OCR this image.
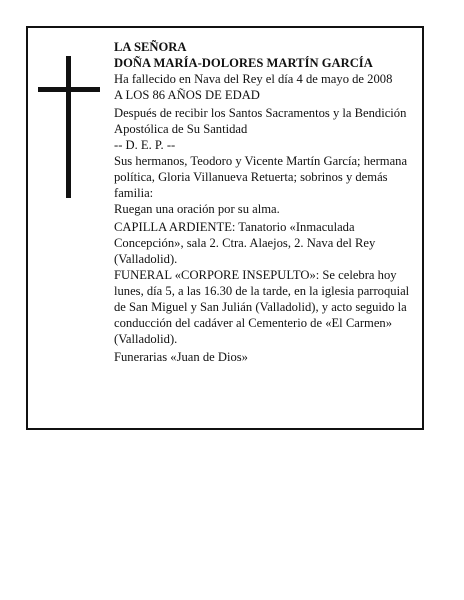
LA SEÑORA

DOÑA MARÍA-DOLORES MARTÍN GARCÍA

Ha fallecido en Nava del Rey el día 4 de mayo de 2008

A LOS 86 AÑOS DE EDAD

Después de recibir los Santos Sacramentos y la Bendición Apostólica de Su Santidad

-- D. E. P. --

Sus hermanos, Teodoro y Vicente Martín García; hermana política, Gloria Villanueva Retuerta; sobrinos y demás familia:

Ruegan una oración por su alma.

CAPILLA ARDIENTE: Tanatorio «Inmaculada Concepción», sala 2. Ctra. Alaejos, 2. Nava del Rey (Valladolid).

FUNERAL «CORPORE INSEPULTO»: Se celebra hoy lunes, día 5, a las 16.30 de la tarde, en la iglesia parroquial de San Miguel y San Julián (Valladolid), y acto seguido la conducción del cadáver al Cementerio de «El Carmen» (Valladolid).

Funerarias «Juan de Dios»
